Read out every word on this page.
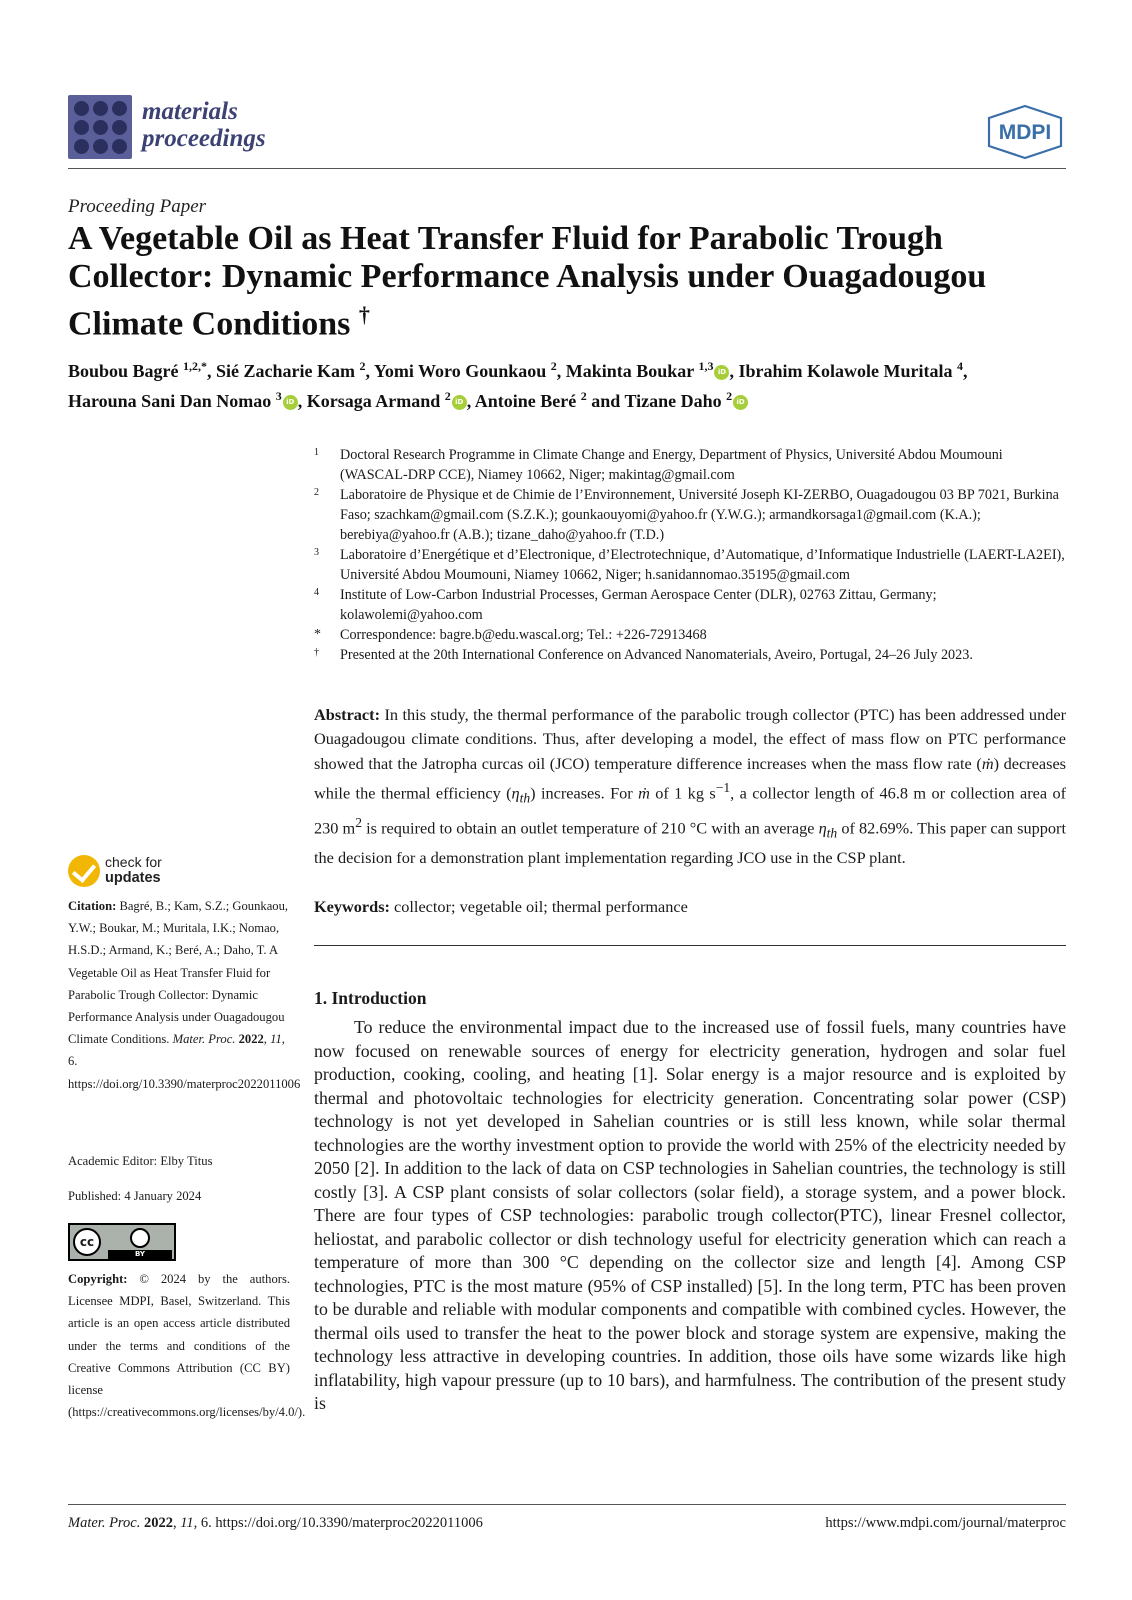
materials
proceedings	MDPI
Proceeding Paper
A Vegetable Oil as Heat Transfer Fluid for Parabolic Trough Collector: Dynamic Performance Analysis under Ouagadougou Climate Conditions †
Boubou Bagré $^{1,2,*}$, Sié Zacharie Kam $^2$, Yomi Woro Gounkaou $^2$, Makinta Boukar $^{1,3}$ iD , Ibrahim Kolawole Muritala $^4$,
Harouna Sani Dan Nomao $^3$ iD , Korsaga Armand $^2$ iD , Antoine Beré $^2$ and Tizane Daho $^2$ iD
1 Doctoral Research Programme in Climate Change and Energy, Department of Physics, Université Abdou Moumouni (WASCAL-DRP CCE), Niamey 10662, Niger; makintag@gmail.com
2 Laboratoire de Physique et de Chimie de l’Environnement, Université Joseph KI-ZERBO, Ouagadougou 03 BP 7021, Burkina Faso; szachkam@gmail.com (S.Z.K.); gounkaouyomi@yahoo.fr (Y.W.G.); armandkorsaga1@gmail.com (K.A.); berebiya@yahoo.fr (A.B.); tizane_daho@yahoo.fr (T.D.)
3 Laboratoire d’Energétique et d’Electronique, d’Electrotechnique, d’Automatique, d’Informatique Industrielle (LAERT-LA2EI), Université Abdou Moumouni, Niamey 10662, Niger; h.sanidannomao.35195@gmail.com
4 Institute of Low-Carbon Industrial Processes, German Aerospace Center (DLR), 02763 Zittau, Germany; kolawolemi@yahoo.com
* Correspondence: bagre.b@edu.wascal.org; Tel.: +226-72913468
† Presented at the 20th International Conference on Advanced Nanomaterials, Aveiro, Portugal, 24–26 July 2023.
check for
updates
Citation: Bagré, B.; Kam, S.Z.; Gounkaou, Y.W.; Boukar, M.; Muritala, I.K.; Nomao, H.S.D.; Armand, K.; Beré, A.; Daho, T. A Vegetable Oil as Heat Transfer Fluid for Parabolic Trough Collector: Dynamic Performance Analysis under Ouagadougou Climate Conditions. Mater. Proc. 2022, 11, 6. https://doi.org/10.3390/materproc2022011006
Academic Editor: Elby Titus
Published: 4 January 2024
cc
BY
Copyright: © 2024 by the authors. Licensee MDPI, Basel, Switzerland. This article is an open access article distributed under the terms and conditions of the Creative Commons Attribution (CC BY) license (https://creativecommons.org/licenses/by/4.0/).
Abstract: In this study, the thermal performance of the parabolic trough collector (PTC) has been addressed under Ouagadougou climate conditions. Thus, after developing a model, the effect of mass flow on PTC performance showed that the Jatropha curcas oil (JCO) temperature difference increases when the mass flow rate (ṁ) decreases while the thermal efficiency $(\eta_{th})$ increases. For ṁ of 1 kg $s^{-1}$, a collector length of 46.8 m or collection area of 230 $m^2$ is required to obtain an outlet temperature of 210 °C with an average $\eta_{th}$ of 82.69%. This paper can support the decision for a demonstration plant implementation regarding JCO use in the CSP plant.
Keywords: collector; vegetable oil; thermal performance
1. Introduction
To reduce the environmental impact due to the increased use of fossil fuels, many countries have now focused on renewable sources of energy for electricity generation, hydrogen and solar fuel production, cooking, cooling, and heating [1]. Solar energy is a major resource and is exploited by thermal and photovoltaic technologies for electricity generation. Concentrating solar power (CSP) technology is not yet developed in Sahelian countries or is still less known, while solar thermal technologies are the worthy investment option to provide the world with 25% of the electricity needed by 2050 [2]. In addition to the lack of data on CSP technologies in Sahelian countries, the technology is still costly [3]. A CSP plant consists of solar collectors (solar field), a storage system, and a power block. There are four types of CSP technologies: parabolic trough collector(PTC), linear Fresnel collector, heliostat, and parabolic collector or dish technology useful for electricity generation which can reach a temperature of more than 300 °C depending on the collector size and length [4]. Among CSP technologies, PTC is the most mature (95% of CSP installed) [5]. In the long term, PTC has been proven to be durable and reliable with modular components and compatible with combined cycles. However, the thermal oils used to transfer the heat to the power block and storage system are expensive, making the technology less attractive in developing countries. In addition, those oils have some wizards like high inflatability, high vapour pressure (up to 10 bars), and harmfulness. The contribution of the present study is
Mater. Proc. 2022, 11, 6. https://doi.org/10.3390/materproc2022011006	https://www.mdpi.com/journal/materproc
